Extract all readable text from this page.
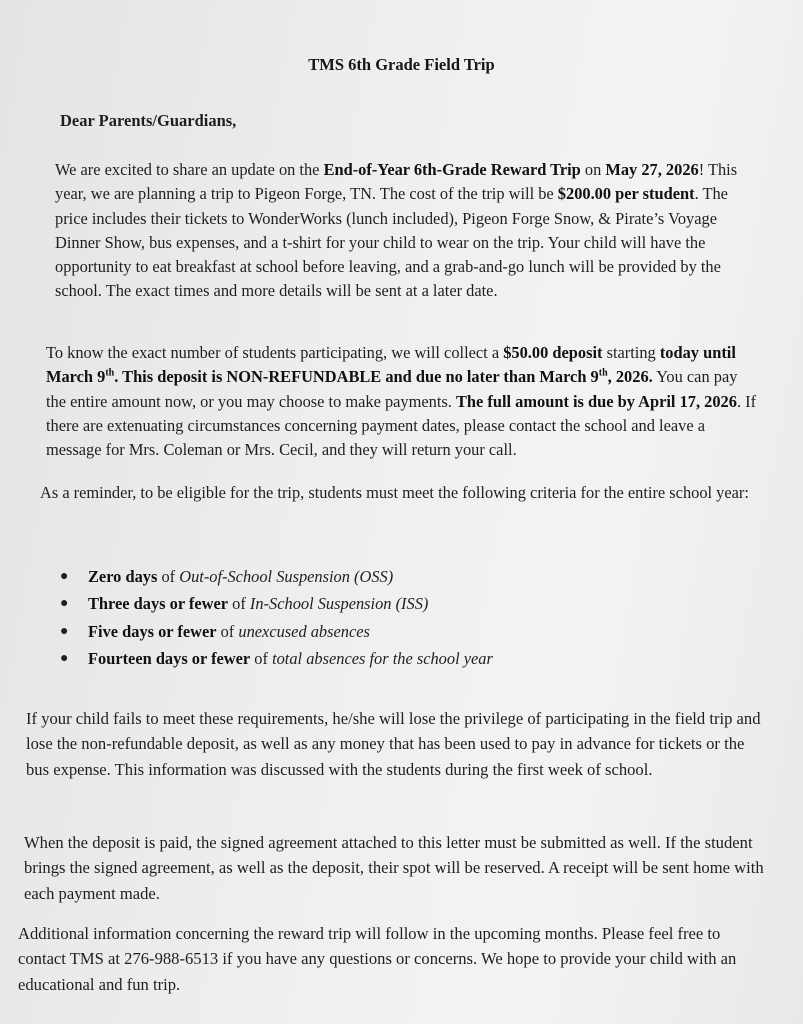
TMS 6th Grade Field Trip
Dear Parents/Guardians,
We are excited to share an update on the End-of-Year 6th-Grade Reward Trip on May 27, 2026! This year, we are planning a trip to Pigeon Forge, TN. The cost of the trip will be $200.00 per student. The price includes their tickets to WonderWorks (lunch included), Pigeon Forge Snow, & Pirate’s Voyage Dinner Show, bus expenses, and a t-shirt for your child to wear on the trip. Your child will have the opportunity to eat breakfast at school before leaving, and a grab-and-go lunch will be provided by the school. The exact times and more details will be sent at a later date.
To know the exact number of students participating, we will collect a $50.00 deposit starting today until March 9th. This deposit is NON-REFUNDABLE and due no later than March 9th, 2026. You can pay the entire amount now, or you may choose to make payments. The full amount is due by April 17, 2026. If there are extenuating circumstances concerning payment dates, please contact the school and leave a message for Mrs. Coleman or Mrs. Cecil, and they will return your call.
As a reminder, to be eligible for the trip, students must meet the following criteria for the entire school year:
● Zero days of Out-of-School Suspension (OSS)
● Three days or fewer of In-School Suspension (ISS)
● Five days or fewer of unexcused absences
● Fourteen days or fewer of total absences for the school year
If your child fails to meet these requirements, he/she will lose the privilege of participating in the field trip and lose the non-refundable deposit, as well as any money that has been used to pay in advance for tickets or the bus expense. This information was discussed with the students during the first week of school.
When the deposit is paid, the signed agreement attached to this letter must be submitted as well. If the student brings the signed agreement, as well as the deposit, their spot will be reserved. A receipt will be sent home with each payment made.
Additional information concerning the reward trip will follow in the upcoming months. Please feel free to contact TMS at 276-988-6513 if you have any questions or concerns. We hope to provide your child with an educational and fun trip.
